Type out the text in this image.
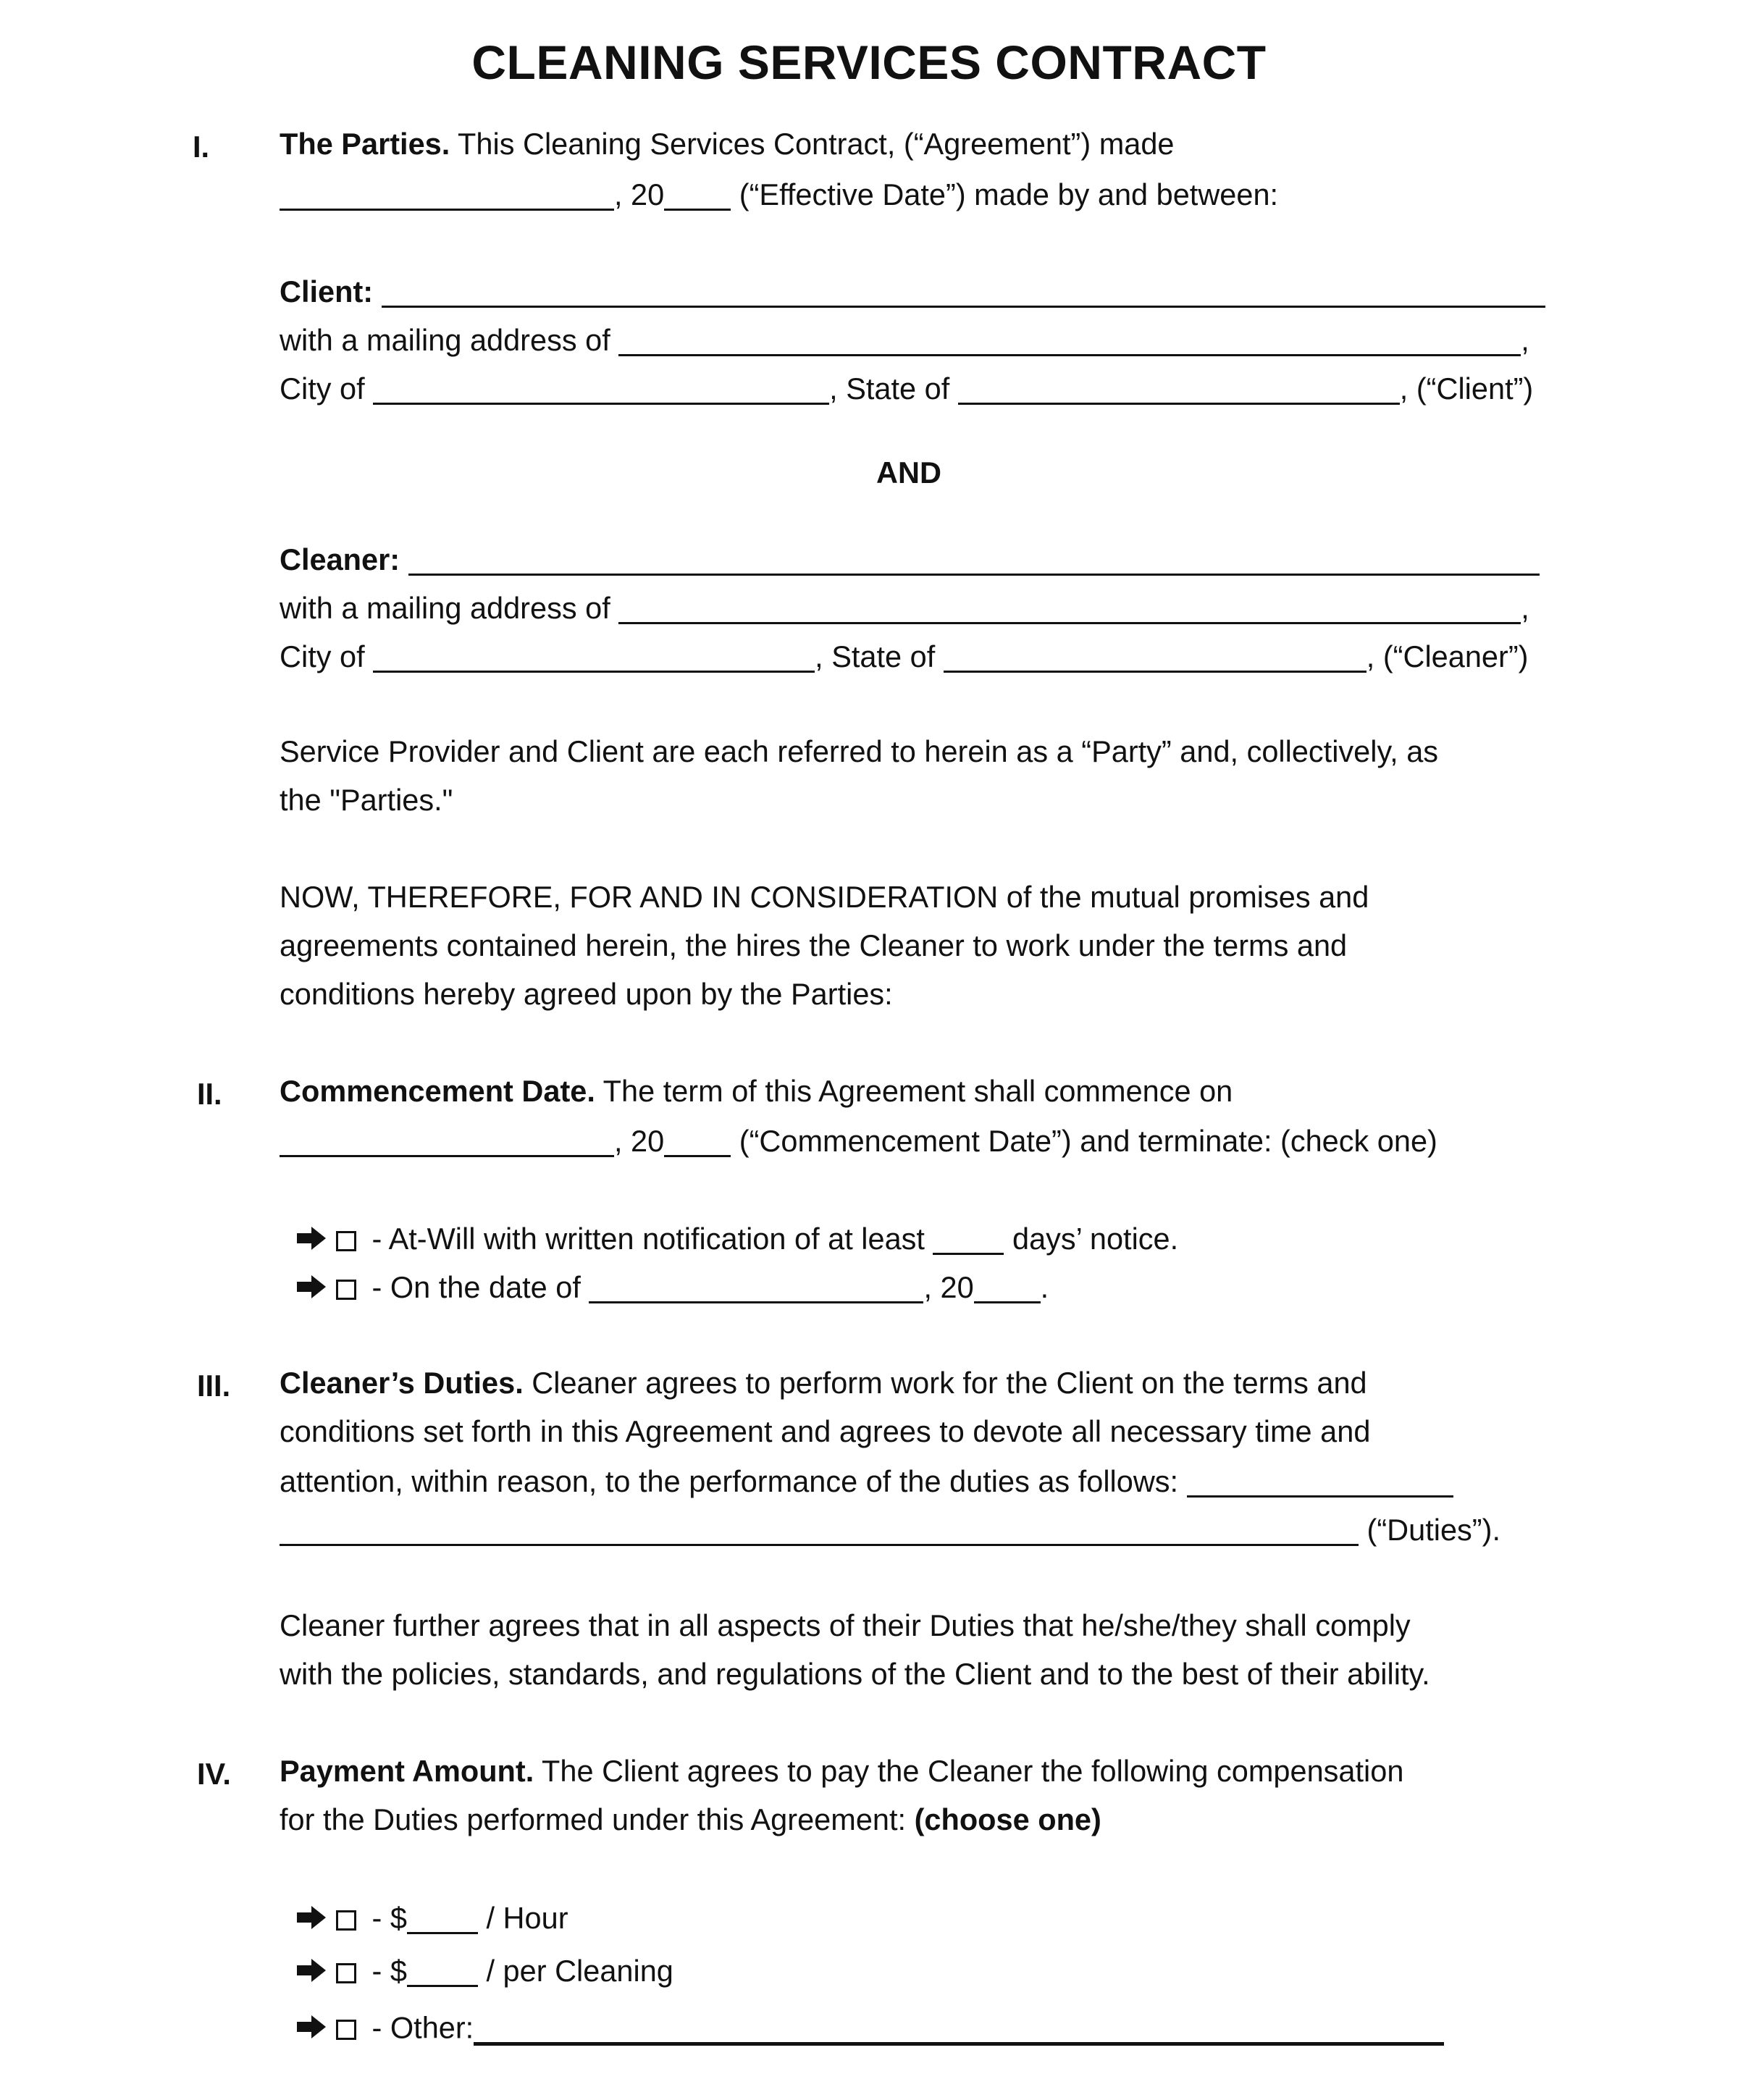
CLEANING SERVICES CONTRACT
I. The Parties. This Cleaning Services Contract, (“Agreement”) made
, 20 (“Effective Date”) made by and between:
Client:
with a mailing address of	,
City of	, State of	, (“Client”)
AND
Cleaner:
with a mailing address of	,
City of	, State of	, (“Cleaner”)
Service Provider and Client are each referred to herein as a “Party” and, collectively, as
the "Parties."
NOW, THEREFORE, FOR AND IN CONSIDERATION of the mutual promises and
agreements contained herein, the hires the Cleaner to work under the terms and
conditions hereby agreed upon by the Parties:
II. Commencement Date. The term of this Agreement shall commence on
, 20 (“Commencement Date”) and terminate: (check one)
- At-Will with written notification of at least  days’ notice.
- On the date of	, 20 .
III. Cleaner’s Duties. Cleaner agrees to perform work for the Client on the terms and
conditions set forth in this Agreement and agrees to devote all necessary time and
attention, within reason, to the performance of the duties as follows:
(“Duties”).
Cleaner further agrees that in all aspects of their Duties that he/she/they shall comply
with the policies, standards, and regulations of the Client and to the best of their ability.
IV. Payment Amount. The Client agrees to pay the Cleaner the following compensation
for the Duties performed under this Agreement: (choose one)
- $ / Hour
- $ / per Cleaning
- Other:
